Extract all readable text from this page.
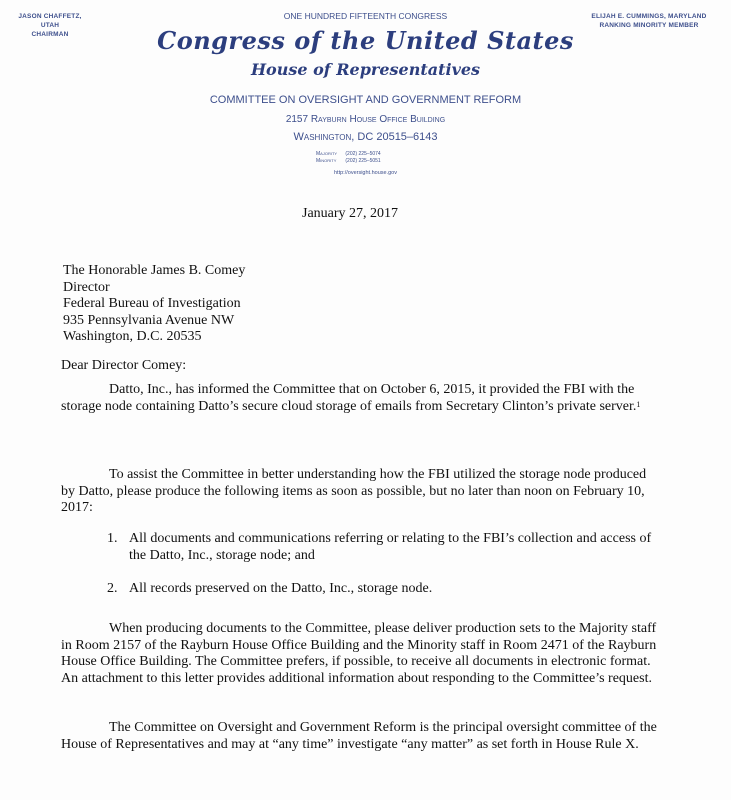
JASON CHAFFETZ, UTAH
CHAIRMAN
ELIJAH E. CUMMINGS, MARYLAND
RANKING MINORITY MEMBER
ONE HUNDRED FIFTEENTH CONGRESS
Congress of the United States
House of Representatives
COMMITTEE ON OVERSIGHT AND GOVERNMENT REFORM
2157 Rayburn House Office Building
Washington, DC 20515–6143
Majority (202) 225–5074
Minority (202) 225–5051
http://oversight.house.gov
January 27, 2017
The Honorable James B. Comey
Director
Federal Bureau of Investigation
935 Pennsylvania Avenue NW
Washington, D.C. 20535
Dear Director Comey:
Datto, Inc., has informed the Committee that on October 6, 2015, it provided the FBI with the storage node containing Datto’s secure cloud storage of emails from Secretary Clinton’s private server.$^1$
To assist the Committee in better understanding how the FBI utilized the storage node produced by Datto, please produce the following items as soon as possible, but no later than noon on February 10, 2017:
1. All documents and communications referring or relating to the FBI’s collection and access of the Datto, Inc., storage node; and
2. All records preserved on the Datto, Inc., storage node.
When producing documents to the Committee, please deliver production sets to the Majority staff in Room 2157 of the Rayburn House Office Building and the Minority staff in Room 2471 of the Rayburn House Office Building. The Committee prefers, if possible, to receive all documents in electronic format. An attachment to this letter provides additional information about responding to the Committee’s request.
The Committee on Oversight and Government Reform is the principal oversight committee of the House of Representatives and may at “any time” investigate “any matter” as set forth in House Rule X.
